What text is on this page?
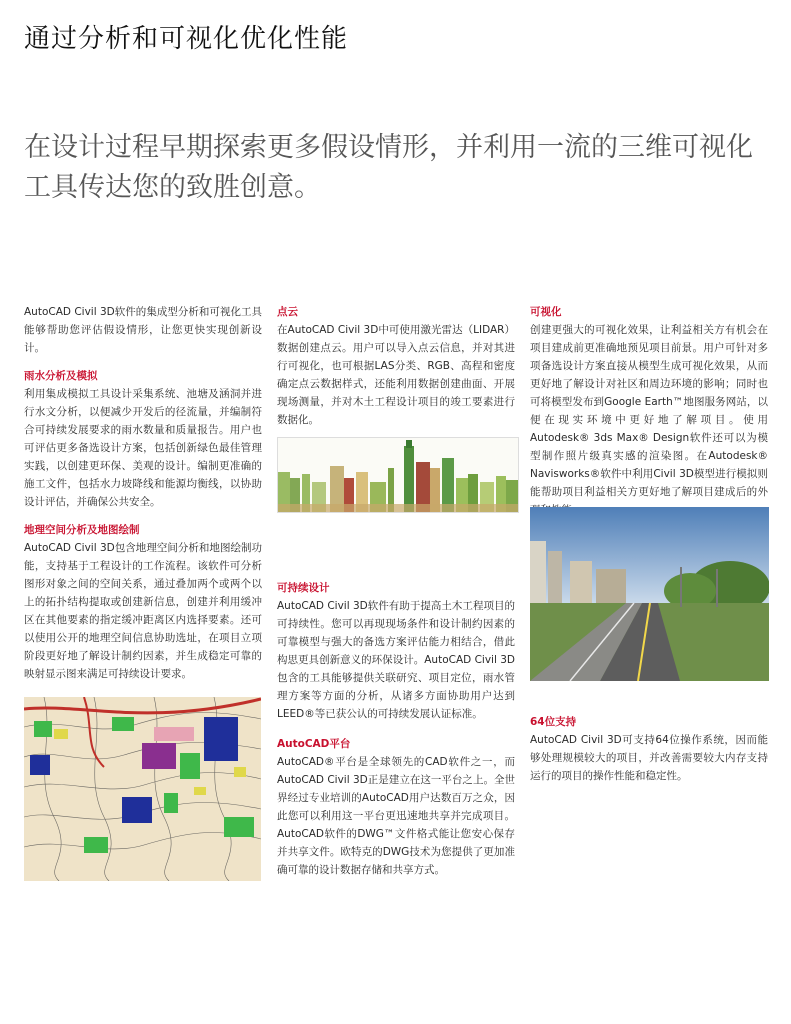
通过分析和可视化优化性能
在设计过程早期探索更多假设情形，并利用一流的三维可视化工具传达您的致胜创意。

AutoCAD Civil 3D软件的集成型分析和可视化工具能够帮助您评估假设情形，让您更快实现创新设计。

雨水分析及模拟

利用集成模拟工具设计采集系统、池塘及涵洞并进行水文分析，以便减少开发后的径流量，并编制符合可持续发展要求的雨水数量和质量报告。用户也可评估更多备选设计方案，包括创新绿色最佳管理实践，以创建更环保、美观的设计。编制更准确的施工文件，包括水力坡降线和能源均衡线，以协助设计评估，并确保公共安全。

地理空间分析及地图绘制

AutoCAD Civil 3D包含地理空间分析和地图绘制功能，支持基于工程设计的工作流程。该软件可分析图形对象之间的空间关系，通过叠加两个或两个以上的拓扑结构提取或创建新信息，创建并利用缓冲区在其他要素的指定缓冲距离区内选择要素。还可以使用公开的地理空间信息协助选址，在项目立项阶段更好地了解设计制约因素，并生成稳定可靠的映射显示图来满足可持续设计要求。

点云

在AutoCAD Civil 3D中可使用激光雷达（LIDAR）数据创建点云。用户可以导入点云信息，并对其进行可视化，也可根据LAS分类、RGB、高程和密度确定点云数据样式，还能利用数据创建曲面、开展现场测量，并对木土工程设计项目的竣工要素进行数据化。

可持续设计

AutoCAD Civil 3D软件有助于提高土木工程项目的可持续性。您可以再现现场条件和设计制约因素的可靠模型与强大的备选方案评估能力相结合，借此构思更具创新意义的环保设计。AutoCAD Civil 3D包含的工具能够提供关联研究、项目定位，雨水管理方案等方面的分析，从诸多方面协助用户达到LEED®等已获公认的可持续发展认证标准。

AutoCAD平台

AutoCAD®平台是全球领先的CAD软件之一，而AutoCAD Civil 3D正是建立在这一平台之上。全世界经过专业培训的AutoCAD用户达数百万之众，因此您可以利用这一平台更迅速地共享并完成项目。AutoCAD软件的DWG™文件格式能让您安心保存并共享文件。欧特克的DWG技术为您提供了更加准确可靠的设计数据存储和共享方式。

可视化

创建更强大的可视化效果，让利益相关方有机会在项目建成前更准确地预见项目前景。用户可针对多项备选设计方案直接从模型生成可视化效果，从而更好地了解设计对社区和周边环境的影响；同时也可将模型发布到Google Earth™地图服务网站，以便在现实环境中更好地了解项目。使用Autodesk® 3ds Max® Design软件还可以为模型制作照片级真实感的渲染图。在Autodesk® Navisworks®软件中利用Civil 3D模型进行模拟则能帮助项目利益相关方更好地了解项目建成后的外

64位支持

AutoCAD Civil 3D可支持64位操作系统，因而能够处理规模较大的项目，并改善需要较大内存支持运行的项目的操作性能和稳定性。
